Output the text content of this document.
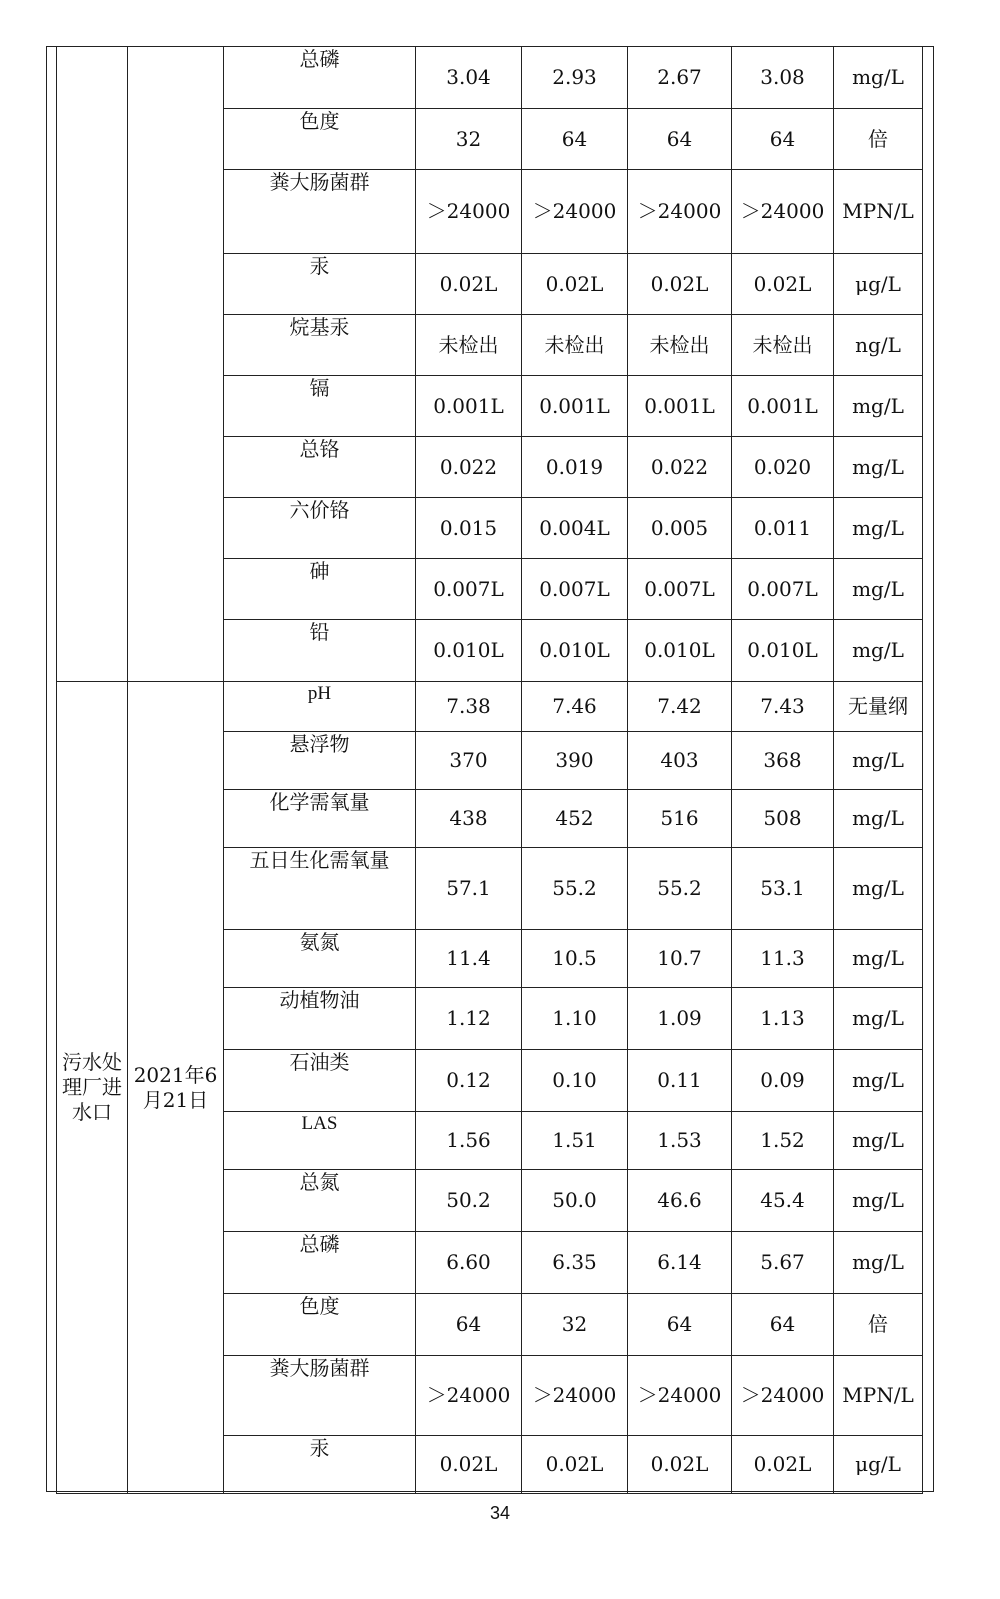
		总磷	3.04	2.93	2.67	3.08	mg/L
		色度	32	64	64	64	倍
		粪大肠菌群	＞24000	＞24000	＞24000	＞24000	MPN/L
		汞	0.02L	0.02L	0.02L	0.02L	μg/L
		烷基汞	未检出	未检出	未检出	未检出	ng/L
		镉	0.001L	0.001L	0.001L	0.001L	mg/L
		总铬	0.022	0.019	0.022	0.020	mg/L
		六价铬	0.015	0.004L	0.005	0.011	mg/L
		砷	0.007L	0.007L	0.007L	0.007L	mg/L
		铅	0.010L	0.010L	0.010L	0.010L	mg/L
污水处理厂进水口	2021年6月21日	pH	7.38	7.46	7.42	7.43	无量纲
		悬浮物	370	390	403	368	mg/L
		化学需氧量	438	452	516	508	mg/L
		五日生化需氧量	57.1	55.2	55.2	53.1	mg/L
		氨氮	11.4	10.5	10.7	11.3	mg/L
		动植物油	1.12	1.10	1.09	1.13	mg/L
		石油类	0.12	0.10	0.11	0.09	mg/L
		LAS	1.56	1.51	1.53	1.52	mg/L
		总氮	50.2	50.0	46.6	45.4	mg/L
		总磷	6.60	6.35	6.14	5.67	mg/L
		色度	64	32	64	64	倍
		粪大肠菌群	＞24000	＞24000	＞24000	＞24000	MPN/L
		汞	0.02L	0.02L	0.02L	0.02L	μg/L
34
